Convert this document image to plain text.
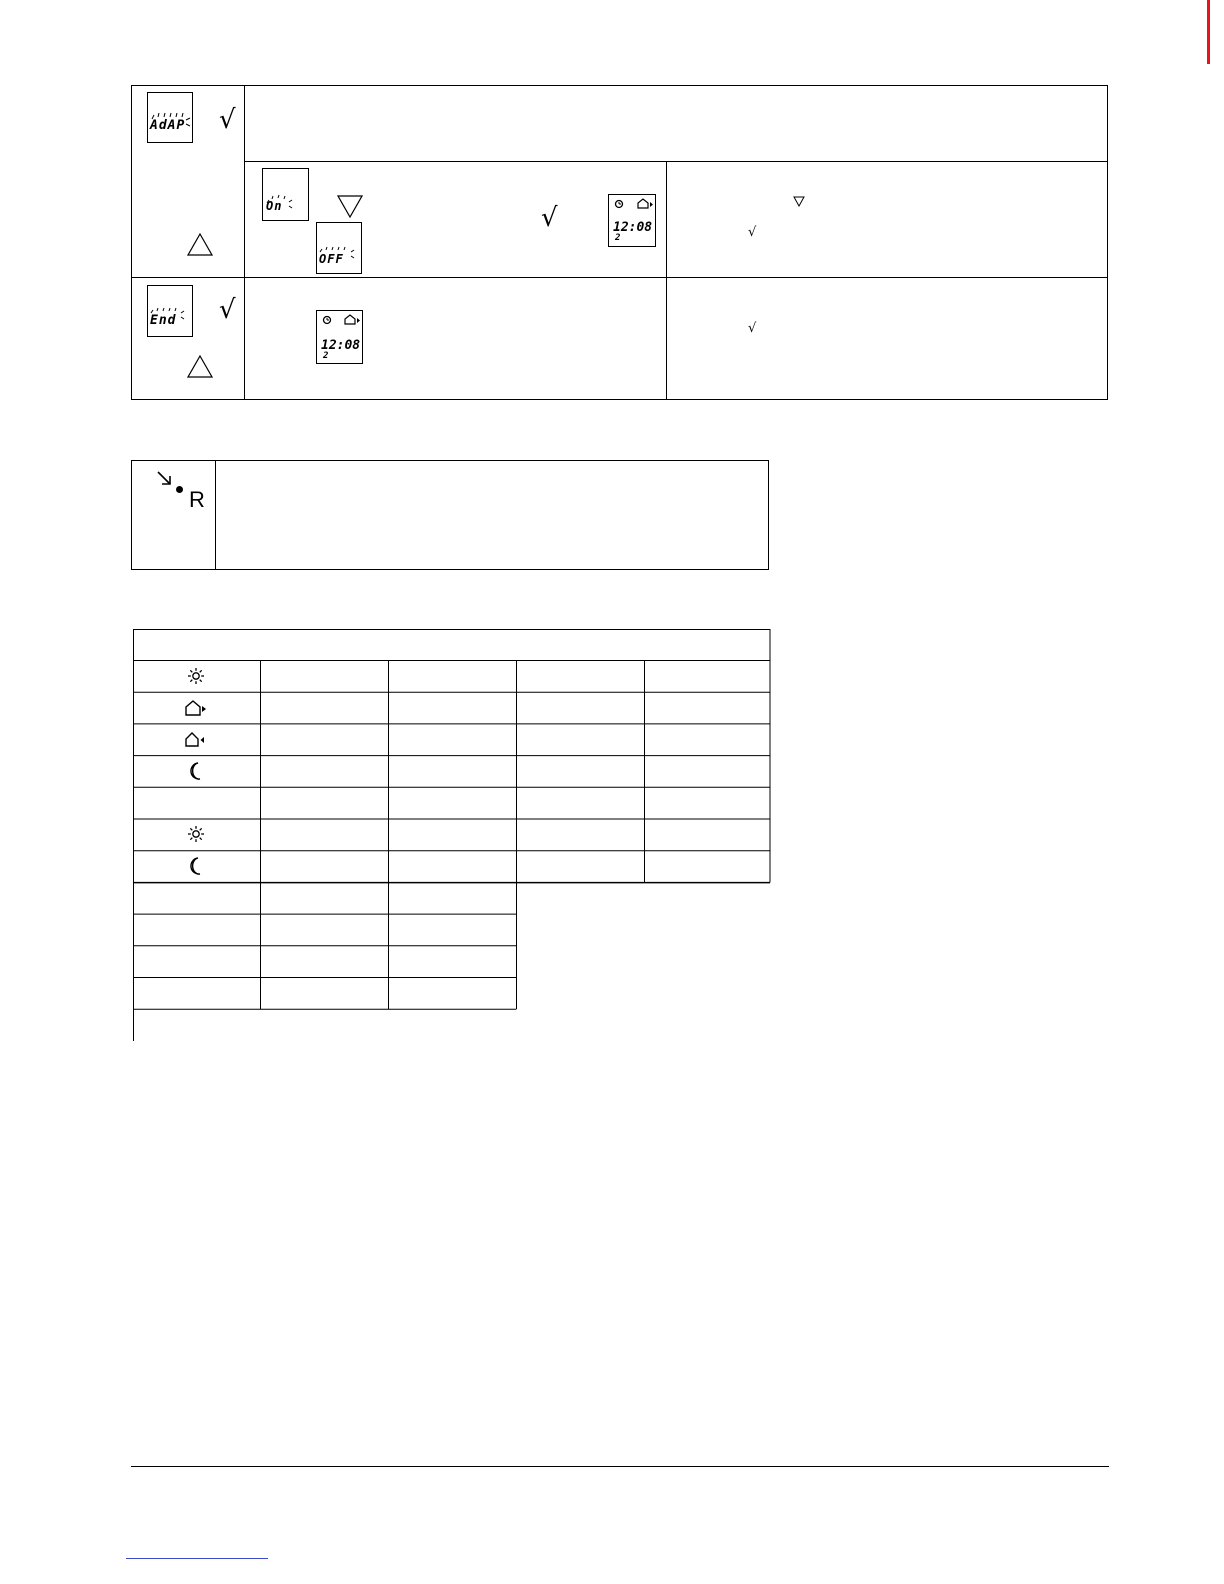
AdAP √
On
OFF
√	12:08
2	√
End √
12:08
2
√
R
